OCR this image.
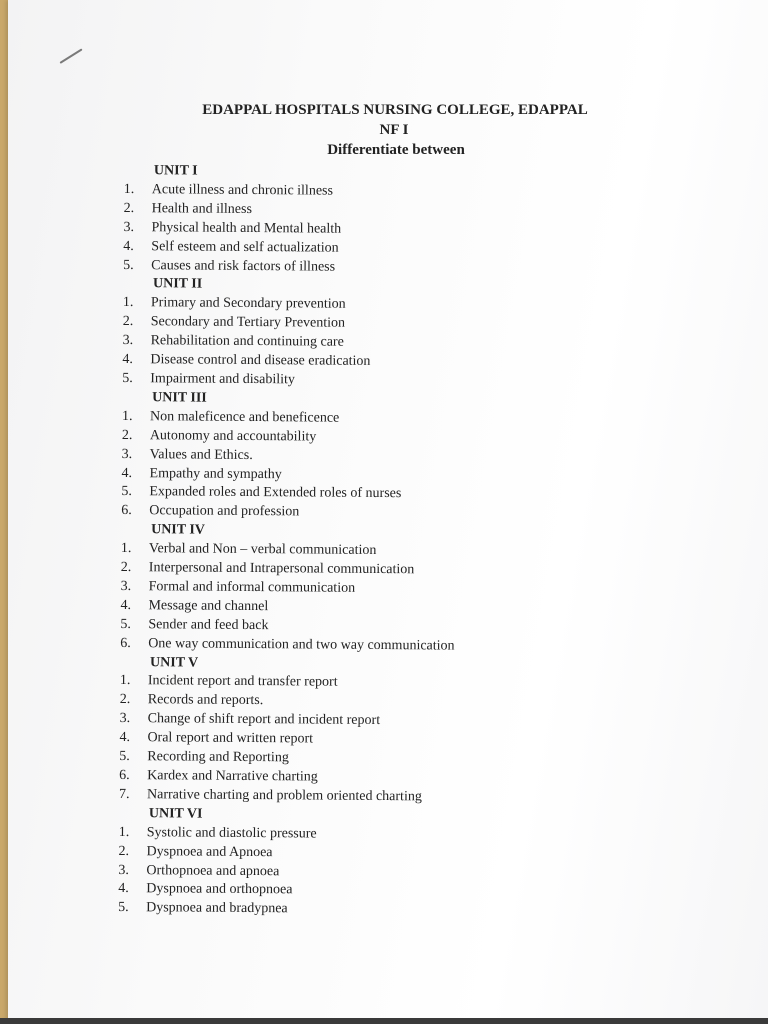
EDAPPAL HOSPITALS NURSING COLLEGE, EDAPPAL
NF I
Differentiate between
UNIT I
1.	Acute illness and chronic illness
2.	Health and illness
3.	Physical health and Mental health
4.	Self esteem and self actualization
5.	Causes and risk factors of illness
UNIT II
1.	Primary and Secondary prevention
2.	Secondary and Tertiary Prevention
3.	Rehabilitation and continuing care
4.	Disease control and disease eradication
5.	Impairment and disability
UNIT III
1.	Non maleficence and beneficence
2.	Autonomy and accountability
3.	Values and Ethics.
4.	Empathy and sympathy
5.	Expanded roles and Extended roles of nurses
6.	Occupation and profession
UNIT IV
1.	Verbal and Non – verbal communication
2.	Interpersonal and Intrapersonal communication
3.	Formal and informal communication
4.	Message and channel
5.	Sender and feed back
6.	One way communication and two way communication
UNIT V
1.	Incident report and transfer report
2.	Records and reports.
3.	Change of shift report and incident report
4.	Oral report and written report
5.	Recording and Reporting
6.	Kardex and Narrative charting
7.	Narrative charting and problem oriented charting
UNIT VI
1.	Systolic and diastolic pressure
2.	Dyspnoea and Apnoea
3.	Orthopnoea and apnoea
4.	Dyspnoea and orthopnoea
5.	Dyspnoea and bradypnea
